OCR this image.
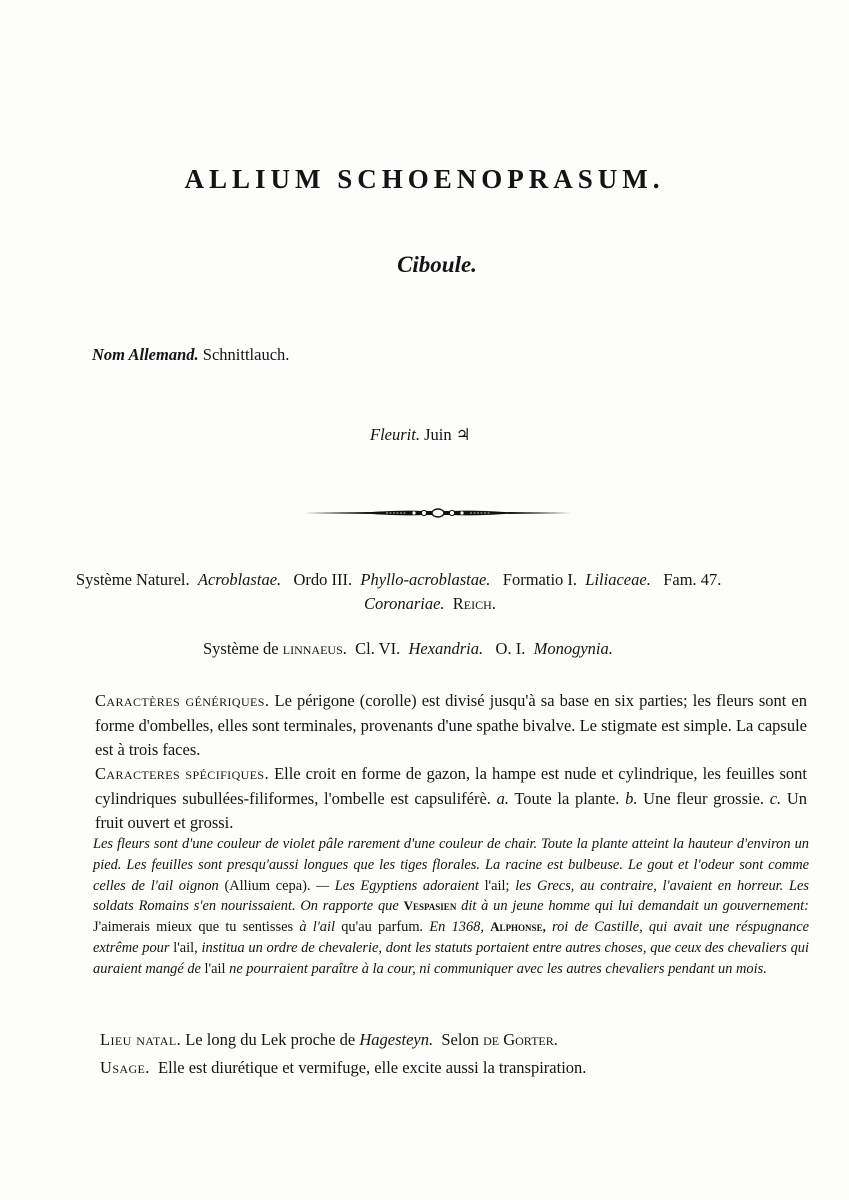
ALLIUM SCHOENOPRASUM.
Ciboule.
Nom Allemand. Schnittlauch.
Fleurit. Juin ♃
Système Naturel. Acroblastae. Ordo III. Phyllo-acroblastae. Formatio I. Liliaceae. Fam. 47.
Coronariae. Reich.
Système de linnaeus. Cl. VI. Hexandria. O. I. Monogynia.
Caractères génériques. Le périgone (corolle) est divisé jusqu'à sa base en six parties; les fleurs sont en forme d'ombelles, elles sont terminales, provenants d'une spathe bivalve. Le stigmate est simple. La capsule est à trois faces.
Caracteres spécifiques. Elle croit en forme de gazon, la hampe est nude et cylindrique, les feuilles sont cylindriques subullées-filiformes, l'ombelle est capsuliférè. a. Toute la plante. b. Une fleur grossie. c. Un fruit ouvert et grossi.
Les fleurs sont d'une couleur de violet pâle rarement d'une couleur de chair. Toute la plante atteint la hauteur d'environ un pied. Les feuilles sont presqu'aussi longues que les tiges florales. La racine est bulbeuse. Le gout et l'odeur sont comme celles de l'ail oignon (Allium cepa). — Les Egyptiens adoraient l'ail; les Grecs, au contraire, l'avaient en horreur. Les soldats Romains s'en nourissaient. On rapporte que Vespasien dit à un jeune homme qui lui demandait un gouvernement: J'aimerais mieux que tu sentisses à l'ail qu'au parfum. En 1368, Alphonse, roi de Castille, qui avait une réspugnance extrême pour l'ail, institua un ordre de chevalerie, dont les statuts portaient entre autres choses, que ceux des chevaliers qui auraient mangé de l'ail ne pourraient paraître à la cour, ni communiquer avec les autres chevaliers pendant un mois.
Lieu natal. Le long du Lek proche de Hagesteyn. Selon de Gorter.
Usage. Elle est diurétique et vermifuge, elle excite aussi la transpiration.
